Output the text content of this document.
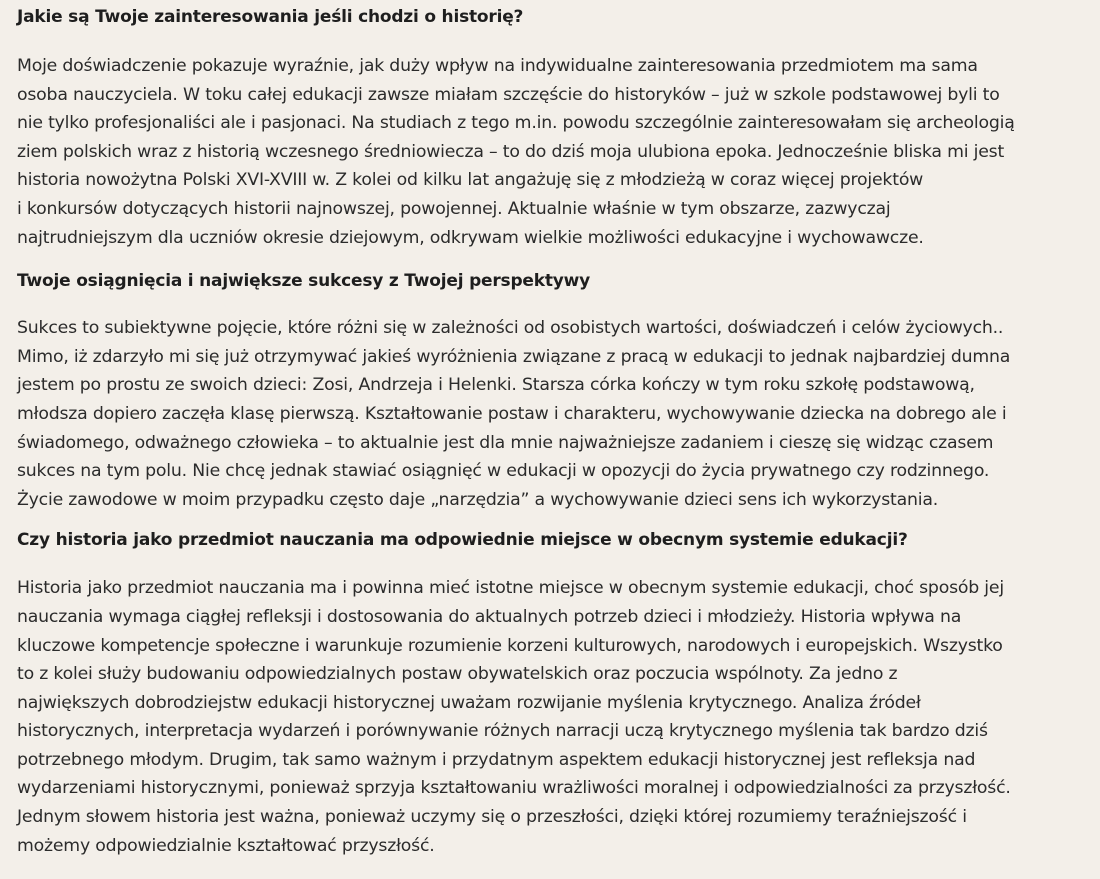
Jakie są Twoje zainteresowania jeśli chodzi o historię?

Moje doświadczenie pokazuje wyraźnie, jak duży wpływ na indywidualne zainteresowania przedmiotem ma sama
osoba nauczyciela. W toku całej edukacji zawsze miałam szczęście do historyków – już w szkole podstawowej byli to
nie tylko profesjonaliści ale i pasjonaci. Na studiach z tego m.in. powodu szczególnie zainteresowałam się archeologią
ziem polskich wraz z historią wczesnego średniowiecza – to do dziś moja ulubiona epoka. Jednocześnie bliska mi jest
historia nowożytna Polski XVI-XVIII w. Z kolei od kilku lat angażuję się z młodzieżą w coraz więcej projektów
i konkursów dotyczących historii najnowszej, powojennej. Aktualnie właśnie w tym obszarze, zazwyczaj
najtrudniejszym dla uczniów okresie dziejowym, odkrywam wielkie możliwości edukacyjne i wychowawcze.

Twoje osiągnięcia i największe sukcesy z Twojej perspektywy

Sukces to subiektywne pojęcie, które różni się w zależności od osobistych wartości, doświadczeń i celów życiowych..
Mimo, iż zdarzyło mi się już otrzymywać jakieś wyróżnienia związane z pracą w edukacji to jednak najbardziej dumna
jestem po prostu ze swoich dzieci: Zosi, Andrzeja i Helenki. Starsza córka kończy w tym roku szkołę podstawową,
młodsza dopiero zaczęła klasę pierwszą. Kształtowanie postaw i charakteru, wychowywanie dziecka na dobrego ale i
świadomego, odważnego człowieka – to aktualnie jest dla mnie najważniejsze zadaniem i cieszę się widząc czasem
sukces na tym polu. Nie chcę jednak stawiać osiągnięć w edukacji w opozycji do życia prywatnego czy rodzinnego.
Życie zawodowe w moim przypadku często daje „narzędzia” a wychowywanie dzieci sens ich wykorzystania.

Czy historia jako przedmiot nauczania ma odpowiednie miejsce w obecnym systemie edukacji?

Historia jako przedmiot nauczania ma i powinna mieć istotne miejsce w obecnym systemie edukacji, choć sposób jej
nauczania wymaga ciągłej refleksji i dostosowania do aktualnych potrzeb dzieci i młodzieży. Historia wpływa na
kluczowe kompetencje społeczne i warunkuje rozumienie korzeni kulturowych, narodowych i europejskich. Wszystko
to z kolei służy budowaniu odpowiedzialnych postaw obywatelskich oraz poczucia wspólnoty. Za jedno z
największych dobrodziejstw edukacji historycznej uważam rozwijanie myślenia krytycznego. Analiza źródeł
historycznych, interpretacja wydarzeń i porównywanie różnych narracji uczą krytycznego myślenia tak bardzo dziś
potrzebnego młodym. Drugim, tak samo ważnym i przydatnym aspektem edukacji historycznej jest refleksja nad
wydarzeniami historycznymi, ponieważ sprzyja kształtowaniu wrażliwości moralnej i odpowiedzialności za przyszłość.
Jednym słowem historia jest ważna, ponieważ uczymy się o przeszłości, dzięki której rozumiemy teraźniejszość i
możemy odpowiedzialnie kształtować przyszłość.
